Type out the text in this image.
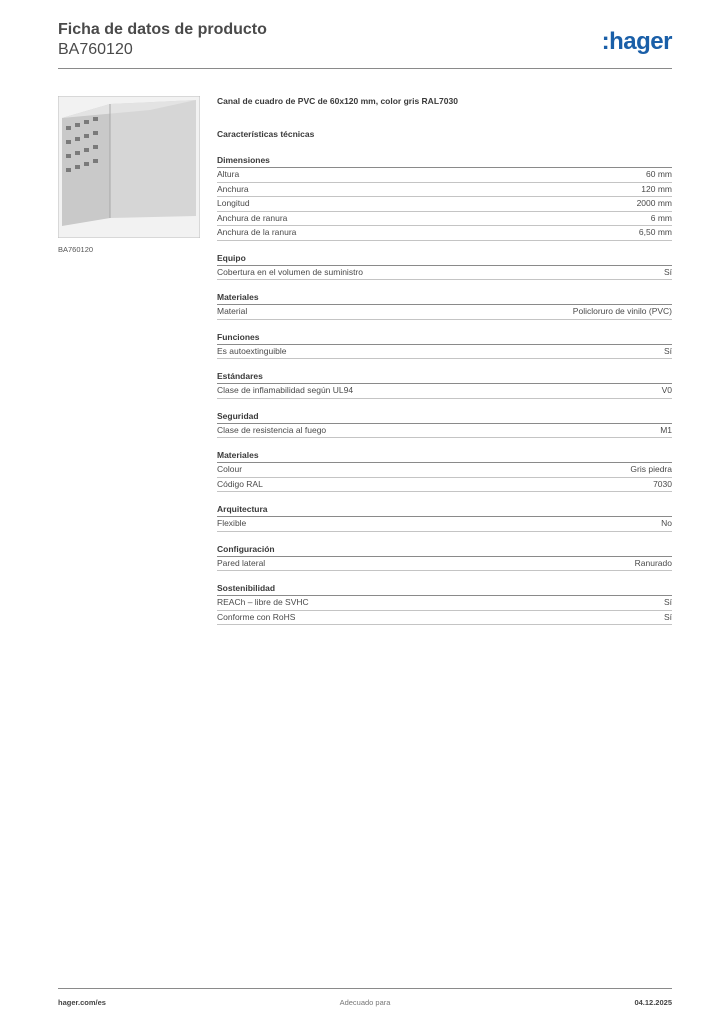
Ficha de datos de producto
BA760120	:hager
BA760120
Canal de cuadro de PVC de 60x120 mm, color gris RAL7030
Características técnicas
Dimensiones
Altura	60 mm
Anchura	120 mm
Longitud	2000 mm
Anchura de ranura	6 mm
Anchura de la ranura	6,50 mm
Equipo
Cobertura en el volumen de suministro	Sí
Materiales
Material	Policloruro de vinilo (PVC)
Funciones
Es autoextinguible	Sí
Estándares
Clase de inflamabilidad según UL94	V0
Seguridad
Clase de resistencia al fuego	M1
Materiales
Colour	Gris piedra
Código RAL	7030
Arquitectura
Flexible	No
Configuración
Pared lateral	Ranurado
Sostenibilidad
REACh – libre de SVHC	Sí
Conforme con RoHS	Sí
hager.com/es	Adecuado para	04.12.2025
